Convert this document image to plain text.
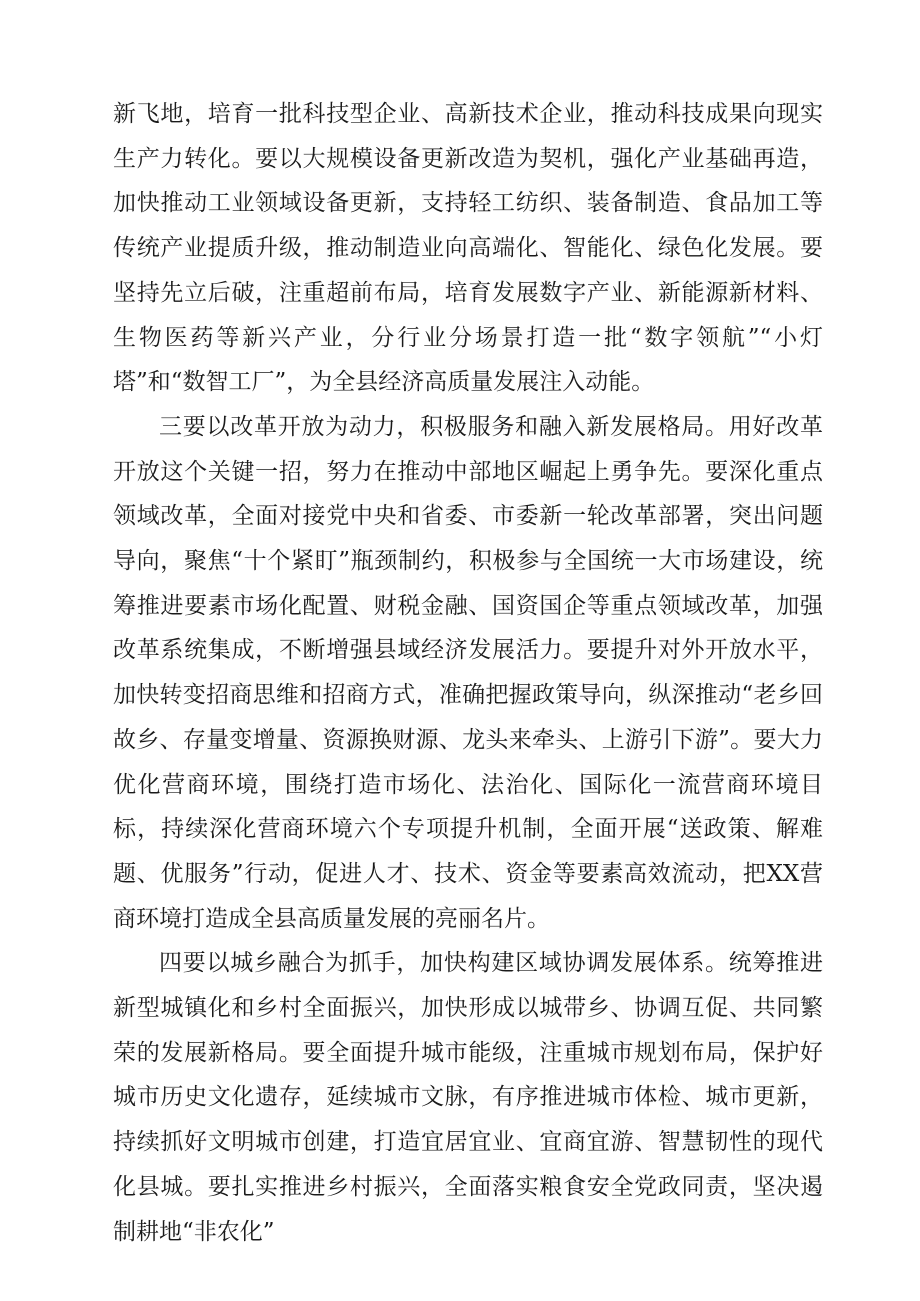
新飞地，培育一批科技型企业、高新技术企业，推动科技成果向现实生产力转化。要以大规模设备更新改造为契机，强化产业基础再造，加快推动工业领域设备更新，支持轻工纺织、装备制造、食品加工等传统产业提质升级，推动制造业向高端化、智能化、绿色化发展。要坚持先立后破，注重超前布局，培育发展数字产业、新能源新材料、生物医药等新兴产业，分行业分场景打造一批“数字领航”“小灯塔”和“数智工厂”，为全县经济高质量发展注入动能。

三要以改革开放为动力，积极服务和融入新发展格局。用好改革开放这个关键一招，努力在推动中部地区崛起上勇争先。要深化重点领域改革，全面对接党中央和省委、市委新一轮改革部署，突出问题导向，聚焦“十个紧盯”瓶颈制约，积极参与全国统一大市场建设，统筹推进要素市场化配置、财税金融、国资国企等重点领域改革，加强改革系统集成，不断增强县域经济发展活力。要提升对外开放水平，加快转变招商思维和招商方式，准确把握政策导向，纵深推动“老乡回故乡、存量变增量、资源换财源、龙头来牵头、上游引下游”。要大力优化营商环境，围绕打造市场化、法治化、国际化一流营商环境目标，持续深化营商环境六个专项提升机制，全面开展“送政策、解难题、优服务”行动，促进人才、技术、资金等要素高效流动，把XX营商环境打造成全县高质量发展的亮丽名片。

四要以城乡融合为抓手，加快构建区域协调发展体系。统筹推进新型城镇化和乡村全面振兴，加快形成以城带乡、协调互促、共同繁荣的发展新格局。要全面提升城市能级，注重城市规划布局，保护好城市历史文化遗存，延续城市文脉，有序推进城市体检、城市更新，持续抓好文明城市创建，打造宜居宜业、宜商宜游、智慧韧性的现代化县城。要扎实推进乡村振兴，全面落实粮食安全党政同责，坚决遏制耕地“非农化”
